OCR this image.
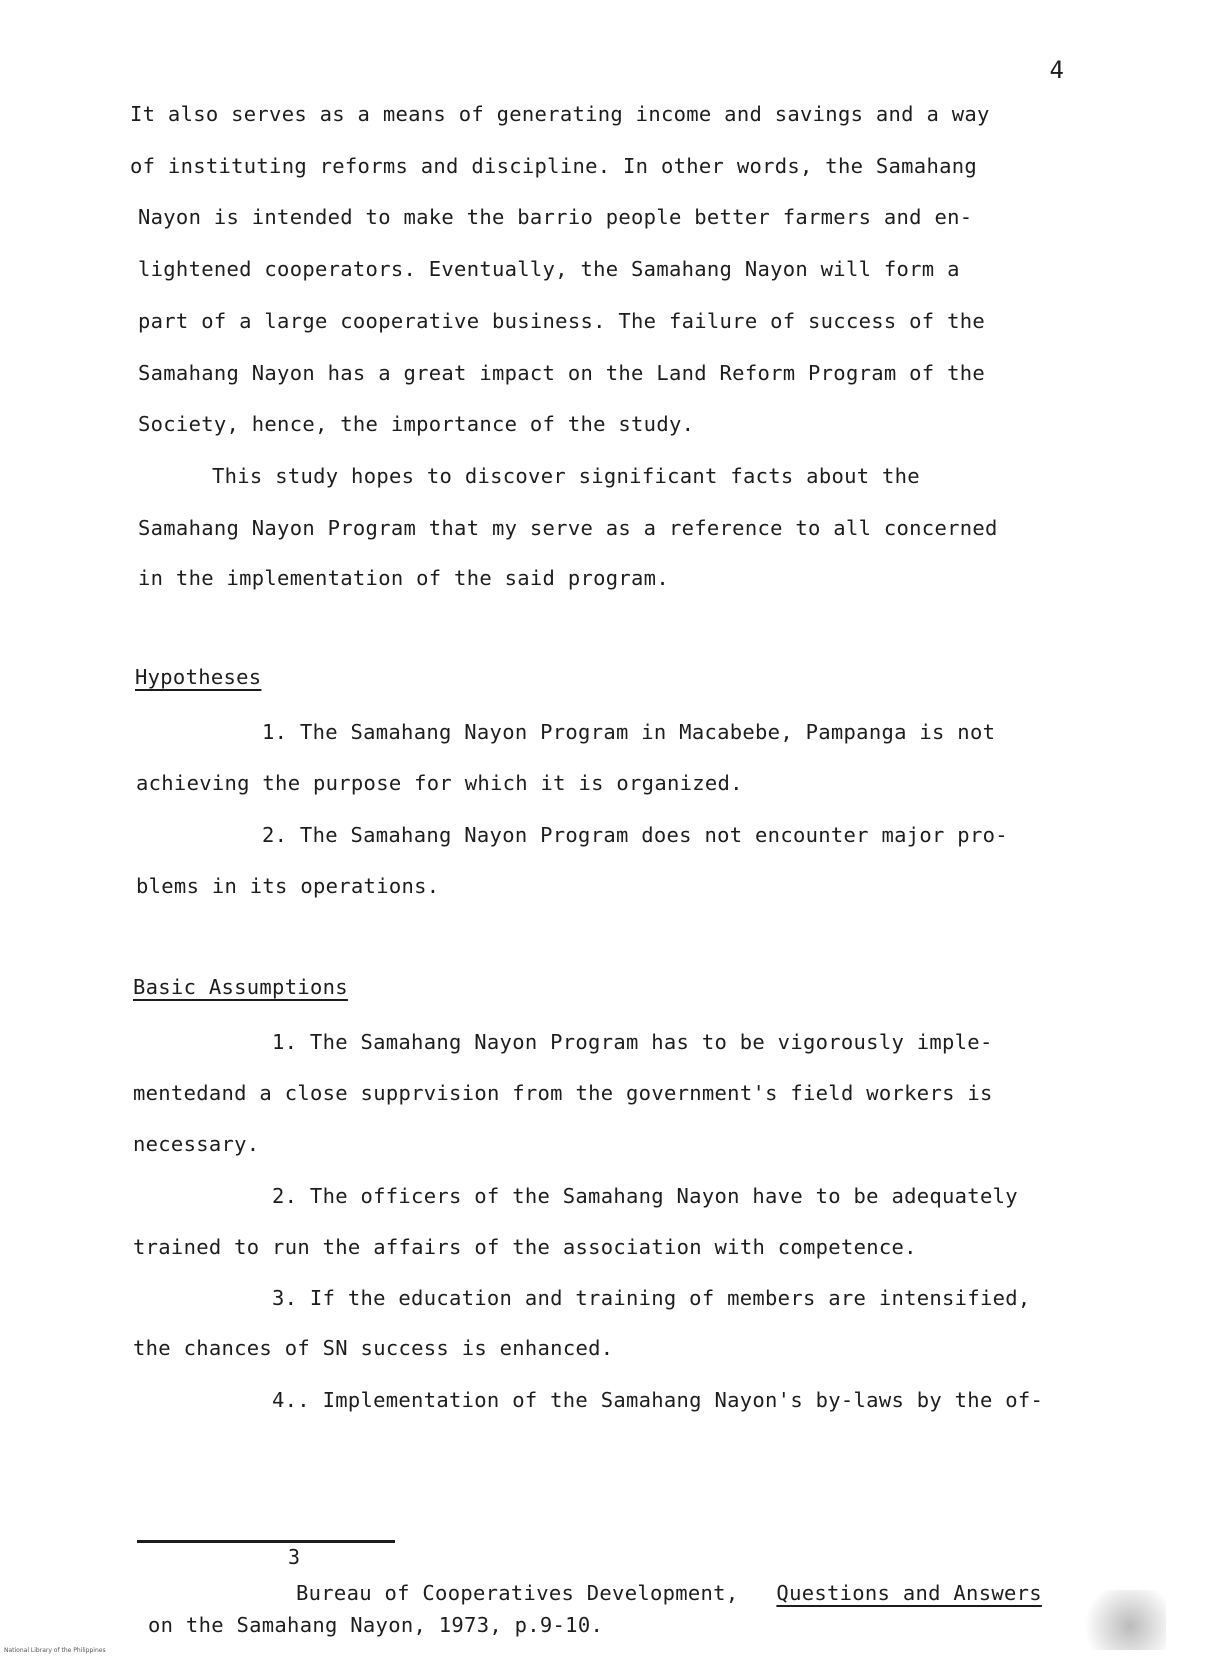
4
It also serves as a means of generating income and savings and a way
of instituting reforms and discipline. In other words, the Samahang
Nayon is intended to make the barrio people better farmers and en-
lightened cooperators. Eventually, the Samahang Nayon will form a
part of a large cooperative business. The failure of success of the
Samahang Nayon has a great impact on the Land Reform Program of the
Society, hence, the importance of the study.
This study hopes to discover significant facts about the
Samahang Nayon Program that my serve as a reference to all concerned
in the implementation of the said program.
Hypotheses
1. The Samahang Nayon Program in Macabebe, Pampanga is not
achieving the purpose for which it is organized.
2. The Samahang Nayon Program does not encounter major pro-
blems in its operations.
Basic Assumptions
1. The Samahang Nayon Program has to be vigorously imple-
mentedand a close supprvision from the government's field workers is
necessary.
2. The officers of the Samahang Nayon have to be adequately
trained to run the affairs of the association with competence.
3. If the education and training of members are intensified,
the chances of SN success is enhanced.
4.. Implementation of the Samahang Nayon's by-laws by the of-
3
Bureau of Cooperatives Development, Questions and Answers
on the Samahang Nayon, 1973, p.9-10.
National Library of the Philippines
